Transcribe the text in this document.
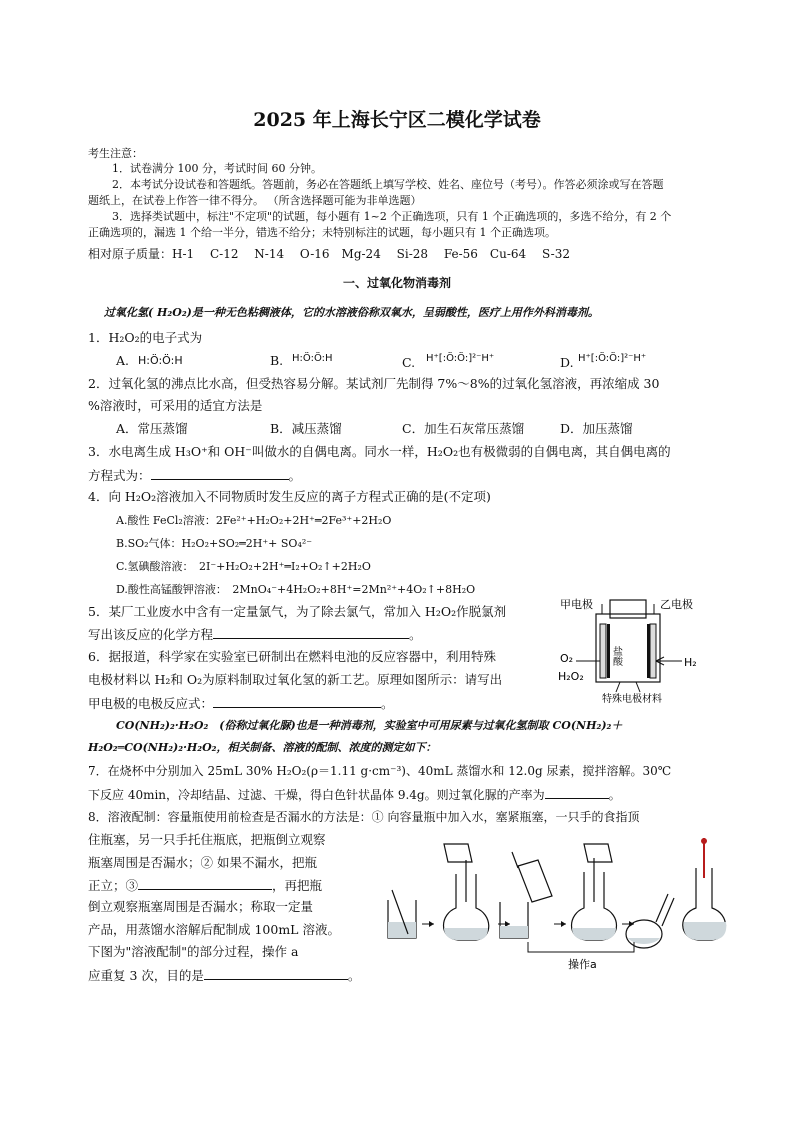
2025 年上海长宁区二模化学试卷
考生注意：
1．试卷满分 100 分，考试时间 60 分钟。
2．本考试分设试卷和答题纸。答题前，务必在答题纸上填写学校、姓名、座位号（考号）。作答必须涂或写在答题
题纸上，在试卷上作答一律不得分。 （所含选择题可能为非单选题）
3．选择类试题中，标注"不定项"的试题，每小题有 1~2 个正确选项，只有 1 个正确选项的，多选不给分，有 2 个
正确选项的，漏选 1 个给一半分，错选不给分；未特别标注的试题，每小题只有 1 个正确选项。
相对原子质量：H-1　 C-12　 N-14　 O-16　Mg-24　 Si-28　 Fe-56　Cu-64　 S-32
一、过氧化物消毒剂
过氧化氢( H₂O₂)是一种无色粘稠液体，它的水溶液俗称双氧水，呈弱酸性，医疗上用作外科消毒剂。
1．H₂O₂的电子式为
A. H:Ö:Ö:H	B. H:Ö:Ö:H	C. H⁺[:Ö:Ö:]²⁻H⁺	D. H⁺[:Ö:Ö:]²⁻H⁺
2．过氧化氢的沸点比水高，但受热容易分解。某试剂厂先制得 7%～8%的过氧化氢溶液，再浓缩成 30
%溶液时，可采用的适宜方法是
A．常压蒸馏	B．减压蒸馏	C．加生石灰常压蒸馏	D．加压蒸馏
3．水电离生成 H₃O⁺和 OH⁻叫做水的自偶电离。同水一样，H₂O₂也有极微弱的自偶电离，其自偶电离的
方程式为：	。
4．向 H₂O₂溶液加入不同物质时发生反应的离子方程式正确的是(不定项)
A.酸性 FeCl₂溶液：2Fe²⁺+H₂O₂+2H⁺═2Fe³⁺+2H₂O
B.SO₂气体：H₂O₂+SO₂═2H⁺+ SO₄²⁻
C.氢碘酸溶液：　2I⁻+H₂O₂+2H⁺═I₂+O₂↑+2H₂O
D.酸性高锰酸钾溶液：　2MnO₄⁻+4H₂O₂+8H⁺=2Mn²⁺+4O₂↑+8H₂O
5．某厂工业废水中含有一定量氯气，为了除去氯气，常加入 H₂O₂作脱氯剂
写出该反应的化学方程	。
6．据报道，科学家在实验室已研制出在燃料电池的反应容器中，利用特殊
电极材料以 H₂和 O₂为原料制取过氧化氢的新工艺。原理如图所示：请写出
甲电极的电极反应式：	。
甲电极	乙电极
盐酸
O₂	H₂
H₂O₂
特殊电极材料
CO(NH₂)₂·H₂O₂　(俗称过氧化脲)也是一种消毒剂，实验室中可用尿素与过氧化氢制取 CO(NH₂)₂＋
H₂O₂═CO(NH₂)₂·H₂O₂，相关制备、溶液的配制、浓度的测定如下：
7．在烧杯中分别加入 25mL 30% H₂O₂(ρ＝1.11 g·cm⁻³)、40mL 蒸馏水和 12.0g 尿素，搅拌溶解。30℃
下反应 40min，冷却结晶、过滤、干燥，得白色针状晶体 9.4g。则过氧化脲的产率为	。
8．溶液配制：容量瓶使用前检查是否漏水的方法是：① 向容量瓶中加入水，塞紧瓶塞，一只手的食指顶
住瓶塞，另一只手托住瓶底，把瓶倒立观察
瓶塞周围是否漏水；② 如果不漏水，把瓶
正立；③	，再把瓶
倒立观察瓶塞周围是否漏水；称取一定量
产品，用蒸馏水溶解后配制成 100mL 溶液。
下图为"溶液配制"的部分过程，操作 a
应重复 3 次，目的是	。
操作a
